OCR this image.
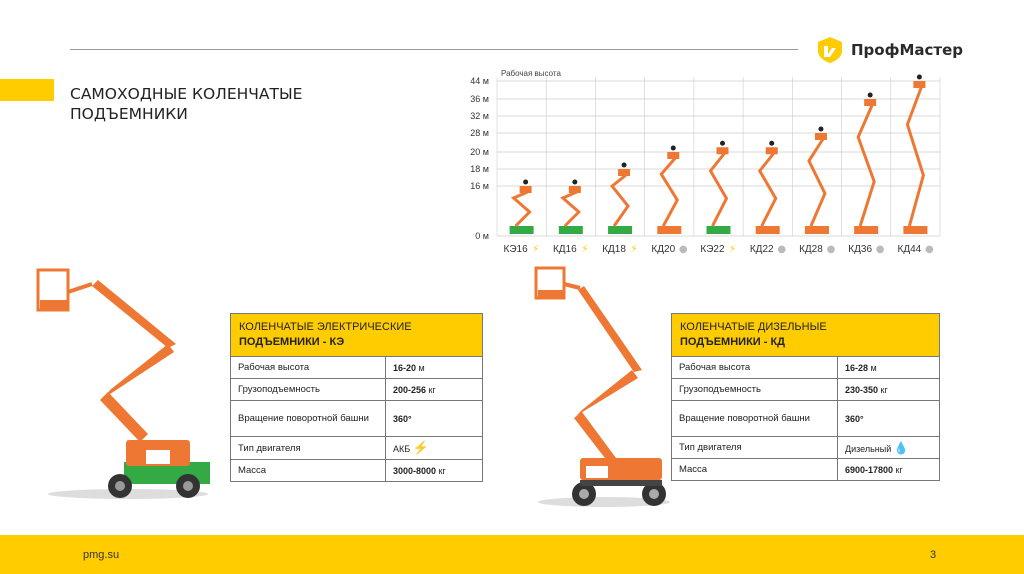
ПрофМастер
САМОХОДНЫЕ КОЛЕНЧАТЫЕ
ПОДЪЕМНИКИ
Рабочая высота
44 м
36 м
32 м
28 м
20 м
18 м
16 м
0 м
КЭ16 ⚡ КД16 ⚡ КД18 ⚡ КД20 ● КЭ22 ⚡ КД22 ● КД28 ● КД36 ● КД44 ●
КОЛЕНЧАТЫЕ ЭЛЕКТРИЧЕСКИЕ
ПОДЪЕМНИКИ - КЭ	

Рабочая высота	16-20 м
Грузоподъемность	200-256 кг
Вращение поворотной башни	360°
Тип двигателя	АКБ ⚡
Масса	3000-8000 кг
КОЛЕНЧАТЫЕ ДИЗЕЛЬНЫЕ
ПОДЪЕМНИКИ - КД	

Рабочая высота	16-28 м
Грузоподъемность	230-350 кг
Вращение поворотной башни	360°
Тип двигателя	Дизельный 💧
Масса	6900-17800 кг
pmg.su	3
